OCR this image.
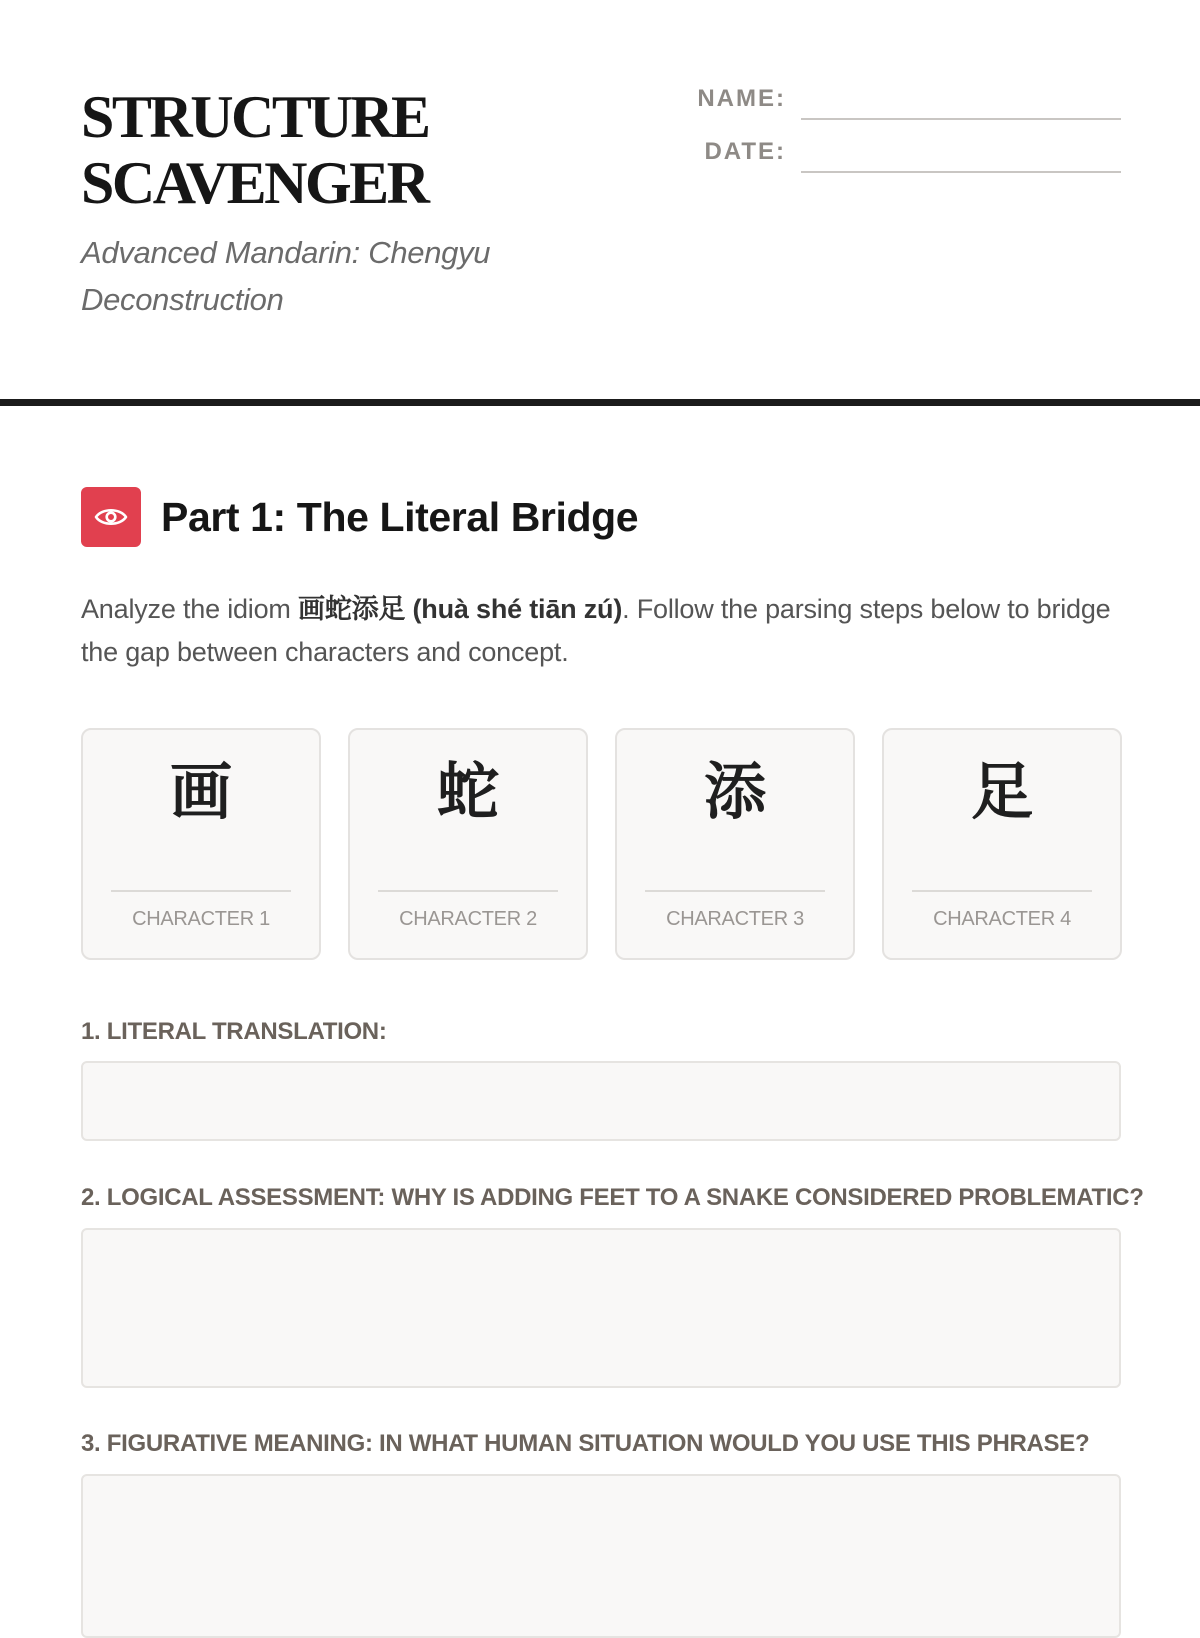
STRUCTURE
SCAVENGER

Advanced Mandarin: Chengyu Deconstruction

NAME:
DATE:
Part 1: The Literal Bridge

Analyze the idiom 画蛇添足 (huà shé tiān zú). Follow the parsing steps below to bridge the gap between characters and concept.

画
CHARACTER 1
蛇
CHARACTER 2
添
CHARACTER 3
足
CHARACTER 4

1. LITERAL TRANSLATION:

2. LOGICAL ASSESSMENT: WHY IS ADDING FEET TO A SNAKE CONSIDERED PROBLEMATIC?

3. FIGURATIVE MEANING: IN WHAT HUMAN SITUATION WOULD YOU USE THIS PHRASE?
